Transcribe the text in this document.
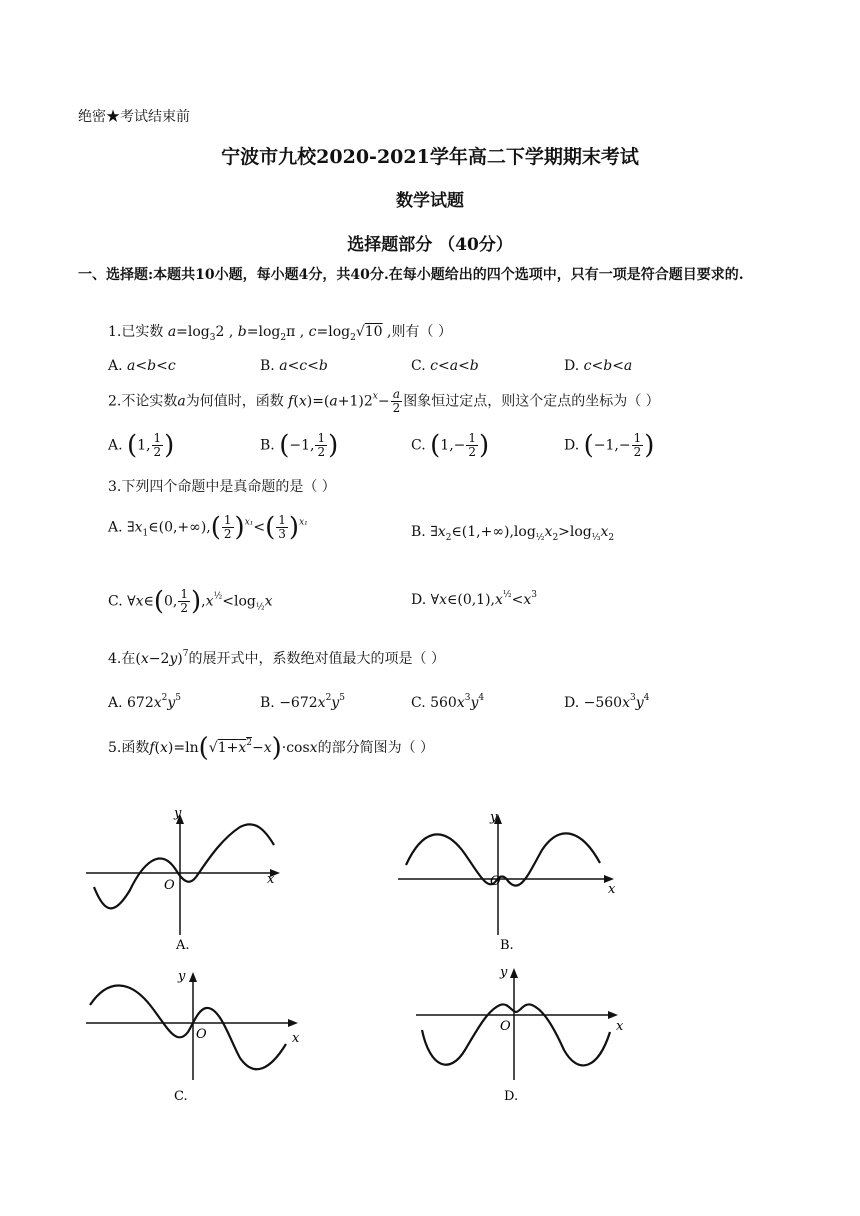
绝密★考试结束前
宁波市九校2020-2021学年高二下学期期末考试
数学试题
选择题部分 （40分）
一、选择题:本题共10小题，每小题4分，共40分.在每小题给出的四个选项中，只有一项是符合题目要求的.
1.已实数 $a=\log_32$ , $b=\log_2\pi$ , $c=\log_2√10$ ,则有（ ）
A. a<b<c	B. a<c<b	C. c<a<b	D. c<b<a
2.不论实数a为何值时，函数 $f(x)=(a+1)2^x- \frac{a}{2}$ 图象恒过定点，则这个定点的坐标为（ ）
A. (1, $\frac{1}{2}$ )	B. (−1, $\frac{1}{2}$ )	C. ($1,- \frac{1}{2}$ )	D. ($-1,- \frac{1}{2}$ )
3.下列四个命题中是真命题的是（ ）
A. $\exists x_1\in(0,+\infty),( \frac{1}{2} )^{x_1}<( \frac{1}{3} )^{x_1}$
B. $\exists x_2\in(1,+\infty),\log_{\frac{1}{2}}x_2>\log_{\frac{1}{3}}x_2$
C. ∀x∈(0, $\frac{1}{2} ),x^{\frac{1}{2}}<\log_{\frac{1}{2}}x$	D. $\forall x\in(0,1),x^{\frac{1}{2}}<x^3$
4.在$(x-2y)^7$的展开式中，系数绝对值最大的项是（ ）
A. $672x^2y^5$	B. $-672x^2y^5$	C. $560x^3y^4$	D. $-560x^3y^4$
5.函数$f(x)=\ln(√1+x^2-x)\cdot\cos x$的部分简图为（ ）
y
x
O
A.
y
x
O
B.
y
x
O
C.
y
x
O
D.
